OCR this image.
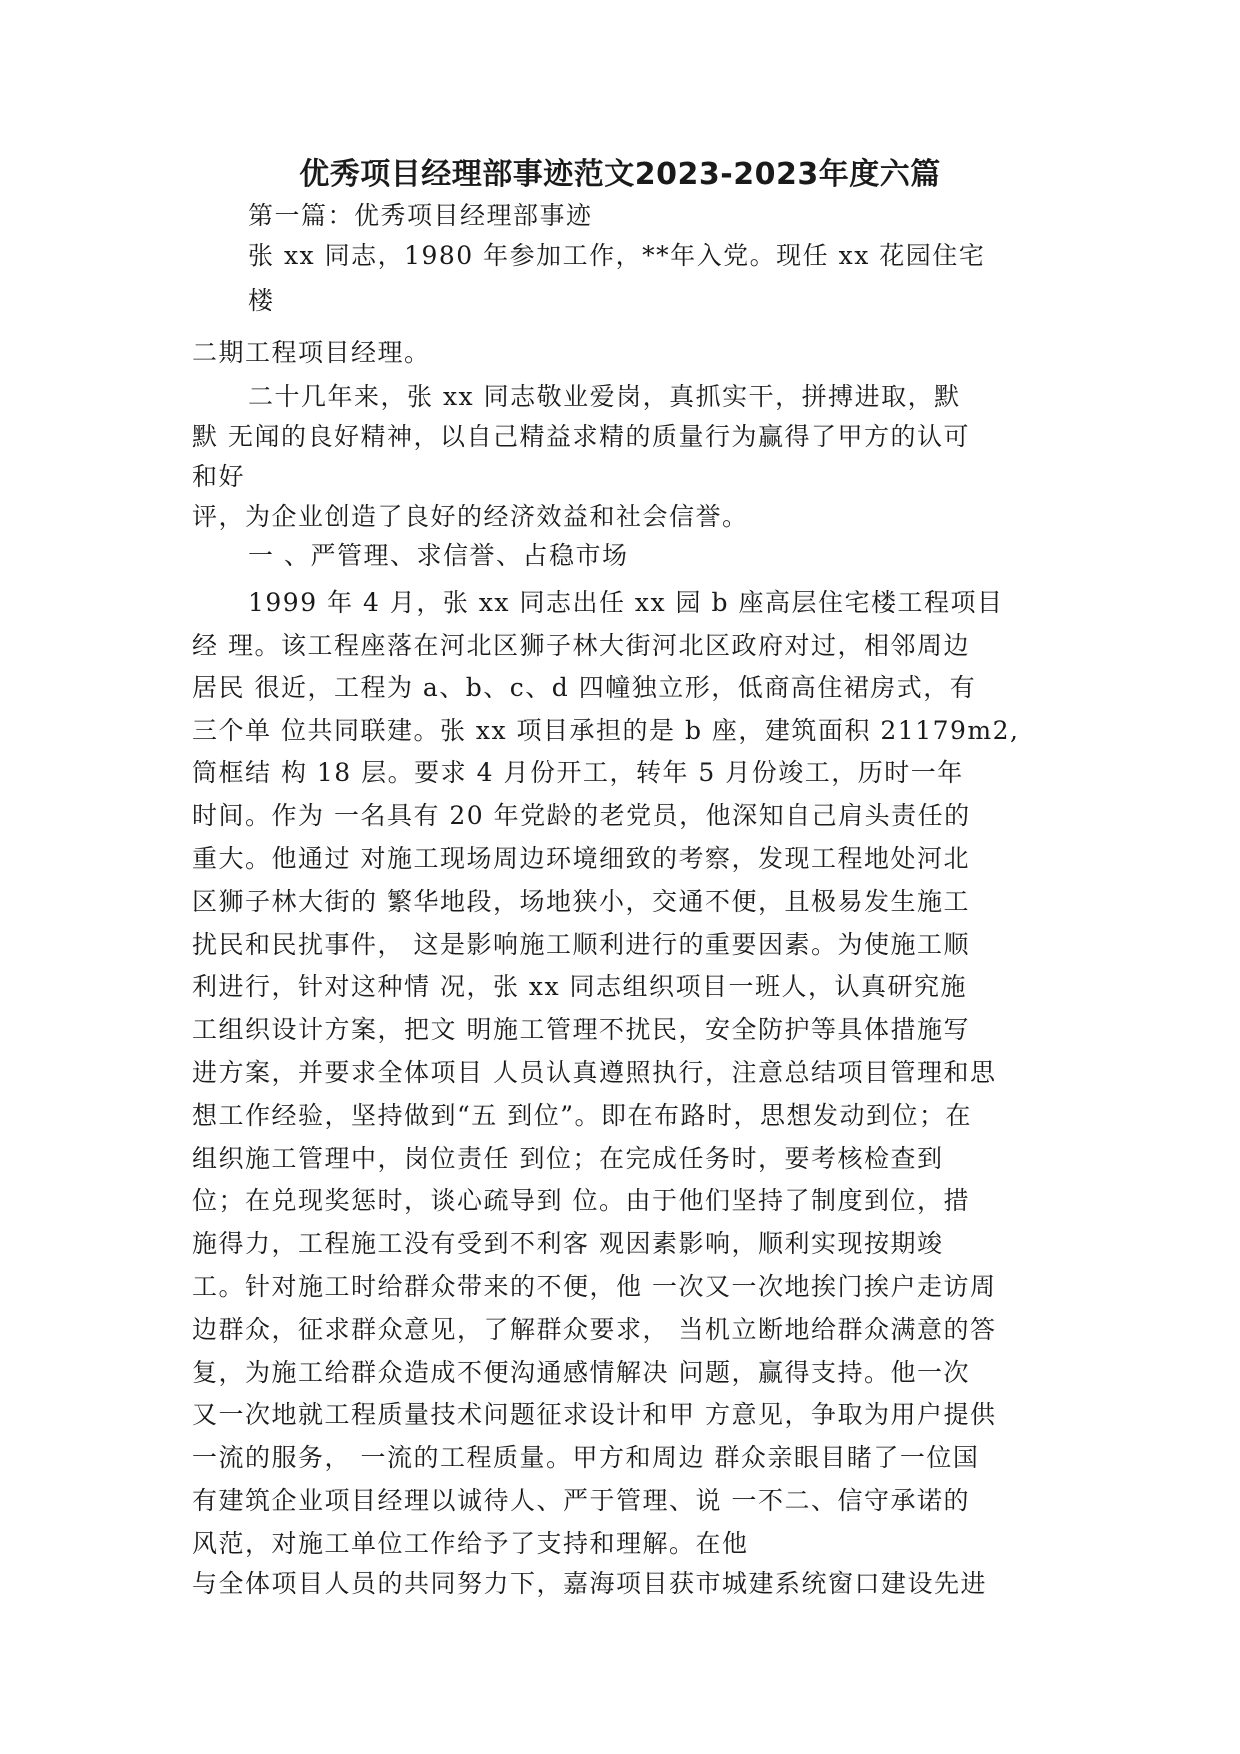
优秀项目经理部事迹范文2023-2023年度六篇

第一篇：优秀项目经理部事迹

张 xx 同志，1980 年参加工作，**年入党。现任 xx 花园住宅

楼

二期工程项目经理。

二十几年来，张 xx 同志敬业爱岗，真抓实干，拼搏进取，默

默 无闻的良好精神，以自己精益求精的质量行为赢得了甲方的认可

和好

评，为企业创造了良好的经济效益和社会信誉。

一 、严管理、求信誉、占稳市场

1999 年 4 月，张 xx 同志出任 xx 园 b 座高层住宅楼工程项目

经 理。该工程座落在河北区狮子林大街河北区政府对过，相邻周边

居民 很近，工程为 a、b、c、d 四幢独立形，低商高住裙房式，有

三个单 位共同联建。张 xx 项目承担的是 b 座，建筑面积 21179m2,

筒框结 构 18 层。要求 4 月份开工，转年 5 月份竣工，历时一年

时间。作为 一名具有 20 年党龄的老党员，他深知自己肩头责任的

重大。他通过 对施工现场周边环境细致的考察，发现工程地处河北

区狮子林大街的 繁华地段，场地狭小，交通不便，且极易发生施工

扰民和民扰事件， 这是影响施工顺利进行的重要因素。为使施工顺

利进行，针对这种情 况，张 xx 同志组织项目一班人，认真研究施

工组织设计方案，把文 明施工管理不扰民，安全防护等具体措施写

进方案，并要求全体项目 人员认真遵照执行，注意总结项目管理和思

想工作经验，坚持做到“五 到位”。即在布路时，思想发动到位；在

组织施工管理中，岗位责任 到位；在完成任务时，要考核检查到

位；在兑现奖惩时，谈心疏导到 位。由于他们坚持了制度到位，措

施得力，工程施工没有受到不利客 观因素影响，顺利实现按期竣

工。针对施工时给群众带来的不便，他 一次又一次地挨门挨户走访周

边群众，征求群众意见，了解群众要求， 当机立断地给群众满意的答

复，为施工给群众造成不便沟通感情解决 问题，赢得支持。他一次

又一次地就工程质量技术问题征求设计和甲 方意见，争取为用户提供

一流的服务， 一流的工程质量。甲方和周边 群众亲眼目睹了一位国

有建筑企业项目经理以诚待人、严于管理、说 一不二、信守承诺的

风范，对施工单位工作给予了支持和理解。在他

与全体项目人员的共同努力下，嘉海项目获市城建系统窗口建设先进
